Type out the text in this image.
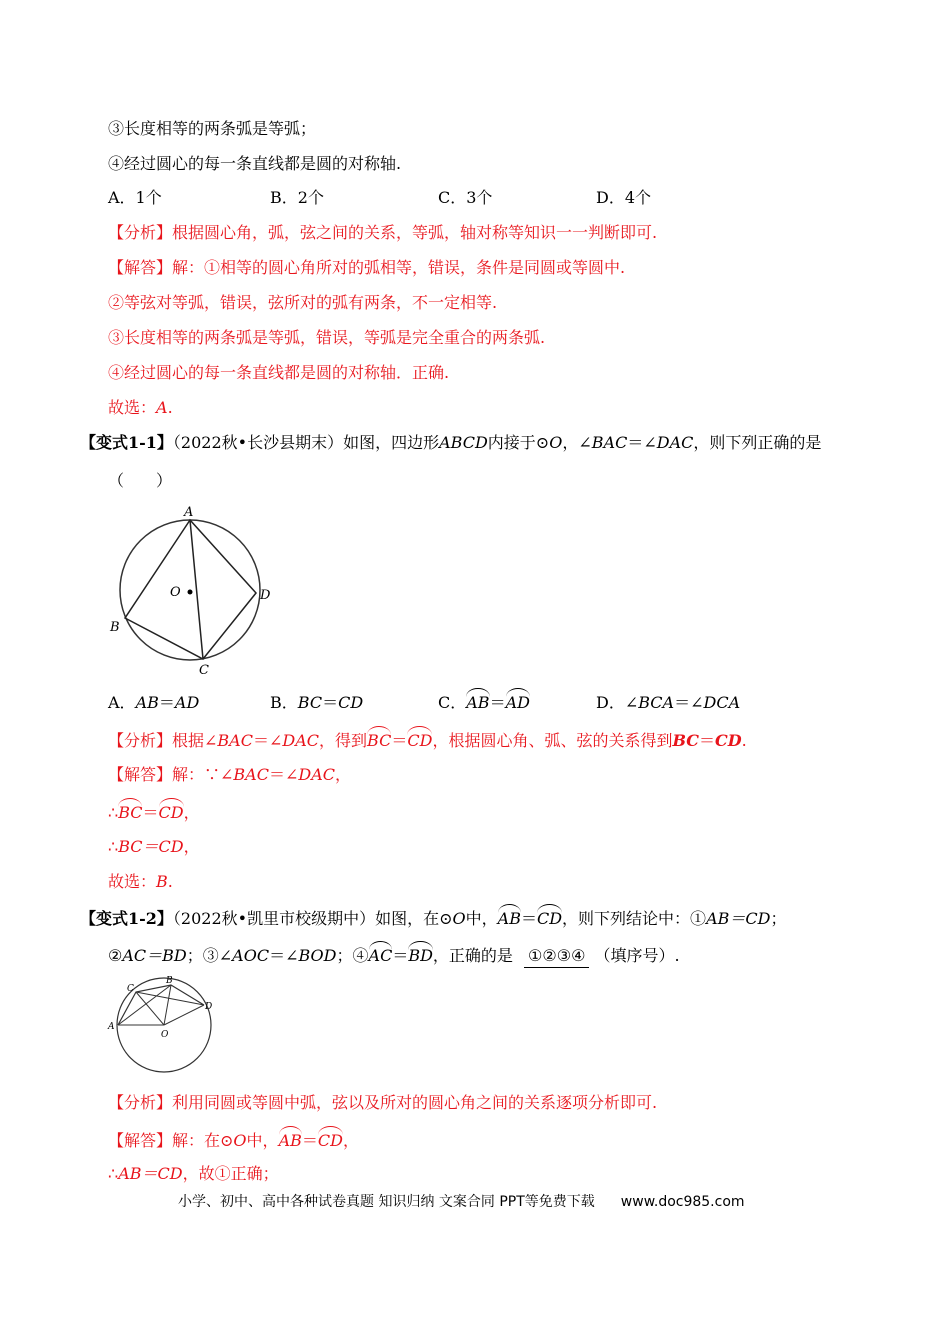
③长度相等的两条弧是等弧；
④经过圆心的每一条直线都是圆的对称轴.
A．1个	B．2个	C．3个	D．4个
【分析】根据圆心角，弧，弦之间的关系，等弧，轴对称等知识一一判断即可.
【解答】解：①相等的圆心角所对的弧相等，错误，条件是同圆或等圆中.
②等弦对等弧，错误，弦所对的弧有两条，不一定相等.
③长度相等的两条弧是等弧，错误，等弧是完全重合的两条弧.
④经过圆心的每一条直线都是圆的对称轴．正确.
故选：A.
【变式1-1】（2022秋•长沙县期末）如图，四边形ABCD内接于⊙O，∠BAC＝∠DAC，则下列正确的是
（　　）
A
B
C
D
O
A．AB＝AD	B．BC＝CD	C．AB＝AD	D．∠BCA＝∠DCA
【分析】根据∠BAC＝∠DAC，得到BC＝CD，根据圆心角、弧、弦的关系得到BC＝CD.
【解答】解：∵∠BAC＝∠DAC，
∴BC＝CD，
∴BC＝CD，
故选：B.
【变式1-2】（2022秋•凯里市校级期中）如图，在⊙O中，AB＝CD，则下列结论中：①AB＝CD；
②AC＝BD；③∠AOC＝∠BOD；④AC＝BD，正确的是 ①②③④ （填序号）.
A
B
C
D
O
【分析】利用同圆或等圆中弧，弦以及所对的圆心角之间的关系逐项分析即可.
【解答】解：在⊙O中，AB＝CD，
∴AB＝CD，故①正确；
小学、初中、高中各种试卷真题 知识归纳 文案合同 PPT等免费下载 www.doc985.com
